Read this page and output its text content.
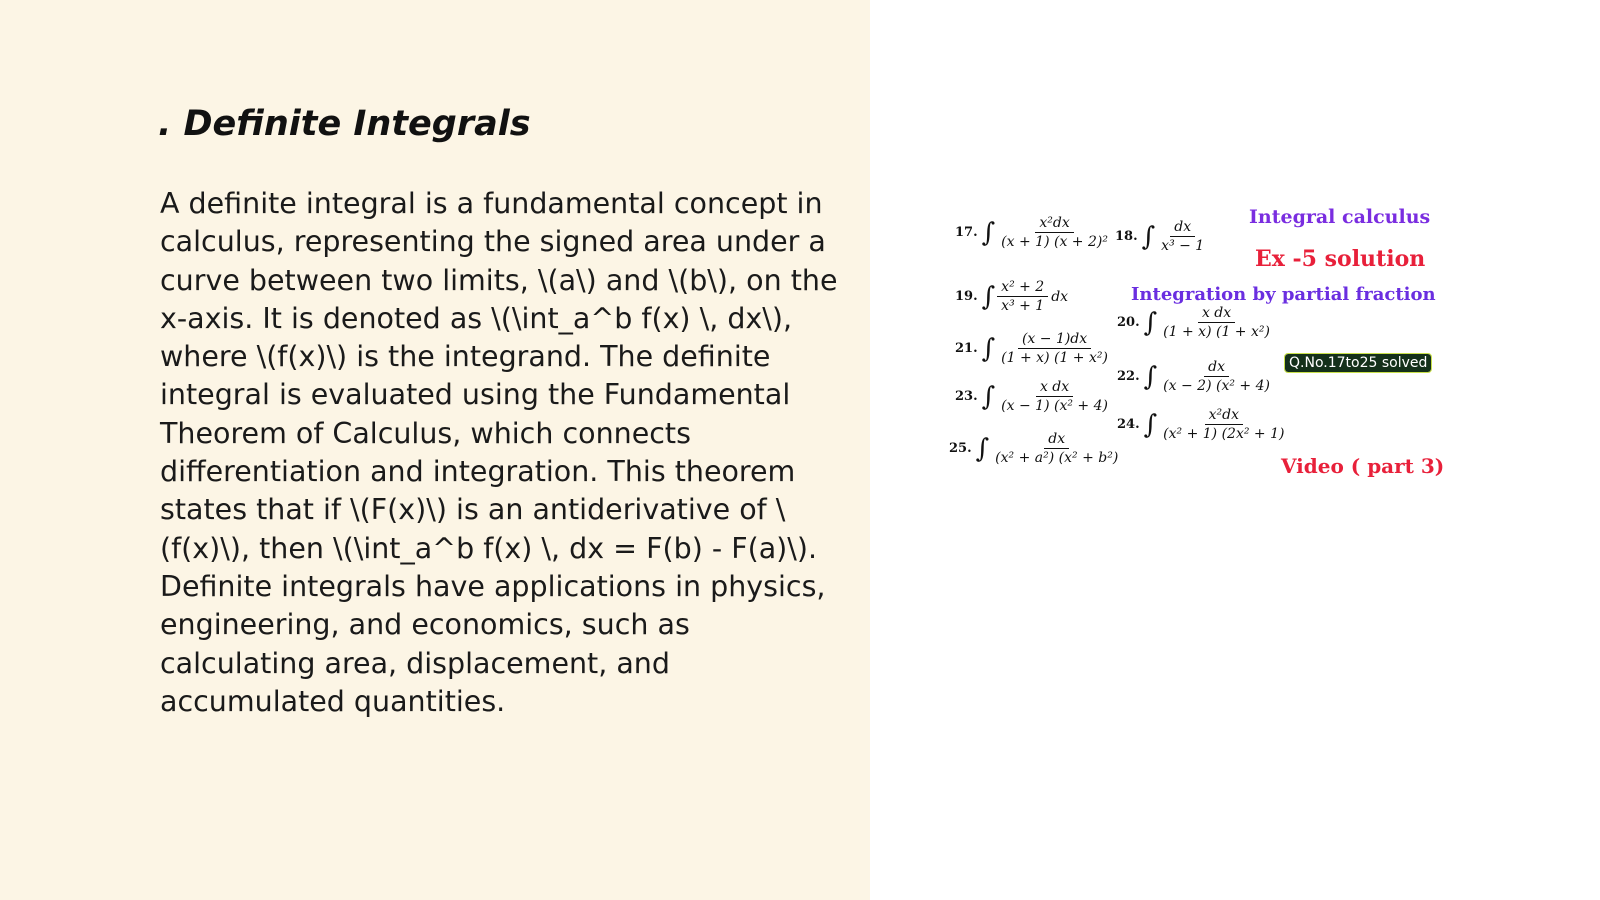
. Definite Integrals

A definite integral is a fundamental concept in calculus, representing the signed area under a curve between two limits, \(a\) and \(b\), on the x-axis. It is denoted as \(\int_a^b f(x) \, dx\), where \(f(x)\) is the integrand. The definite integral is evaluated using the Fundamental Theorem of Calculus, which connects differentiation and integration. This theorem states that if \(F(x)\) is an antiderivative of \(f(x)\), then \(\int_a^b f(x) \, dx = F(b) - F(a)\). Definite integrals have applications in physics, engineering, and economics, such as calculating area, displacement, and accumulated quantities.

17. ∫ $\frac{\text{x²dx}}{\text{(x + 1) (x + 2)²}} 18$. ∫ $\frac{dx}{\text{x³ − 1}}$
19. ∫ $\frac{\text{x² + 2}}{\text{x³ + 1}}$ dx
20. ∫ $\frac{\text{x dx}}{\text{(1 + x) (1 + x²)}}$
21. ∫ $\frac{(x - 1)dx}{\text{(1 + x) (1 + x²)}}$
22. ∫ $\frac{dx}{\text{(x − 2) (x² + 4)}}$
23. ∫ $\frac{\text{x dx}}{\text{(x − 1) (x² + 4)}}$
24. ∫ $\frac{\text{x²dx}}{\text{(x² + 1) (2x² + 1)}}$
25. ∫ $\frac{dx}{\text{(x² + a²) (x² + b²)}}$
Integral calculus
Ex -5 solution
Integration by partial fraction
Q.No.17to25 solved
Video ( part 3)
